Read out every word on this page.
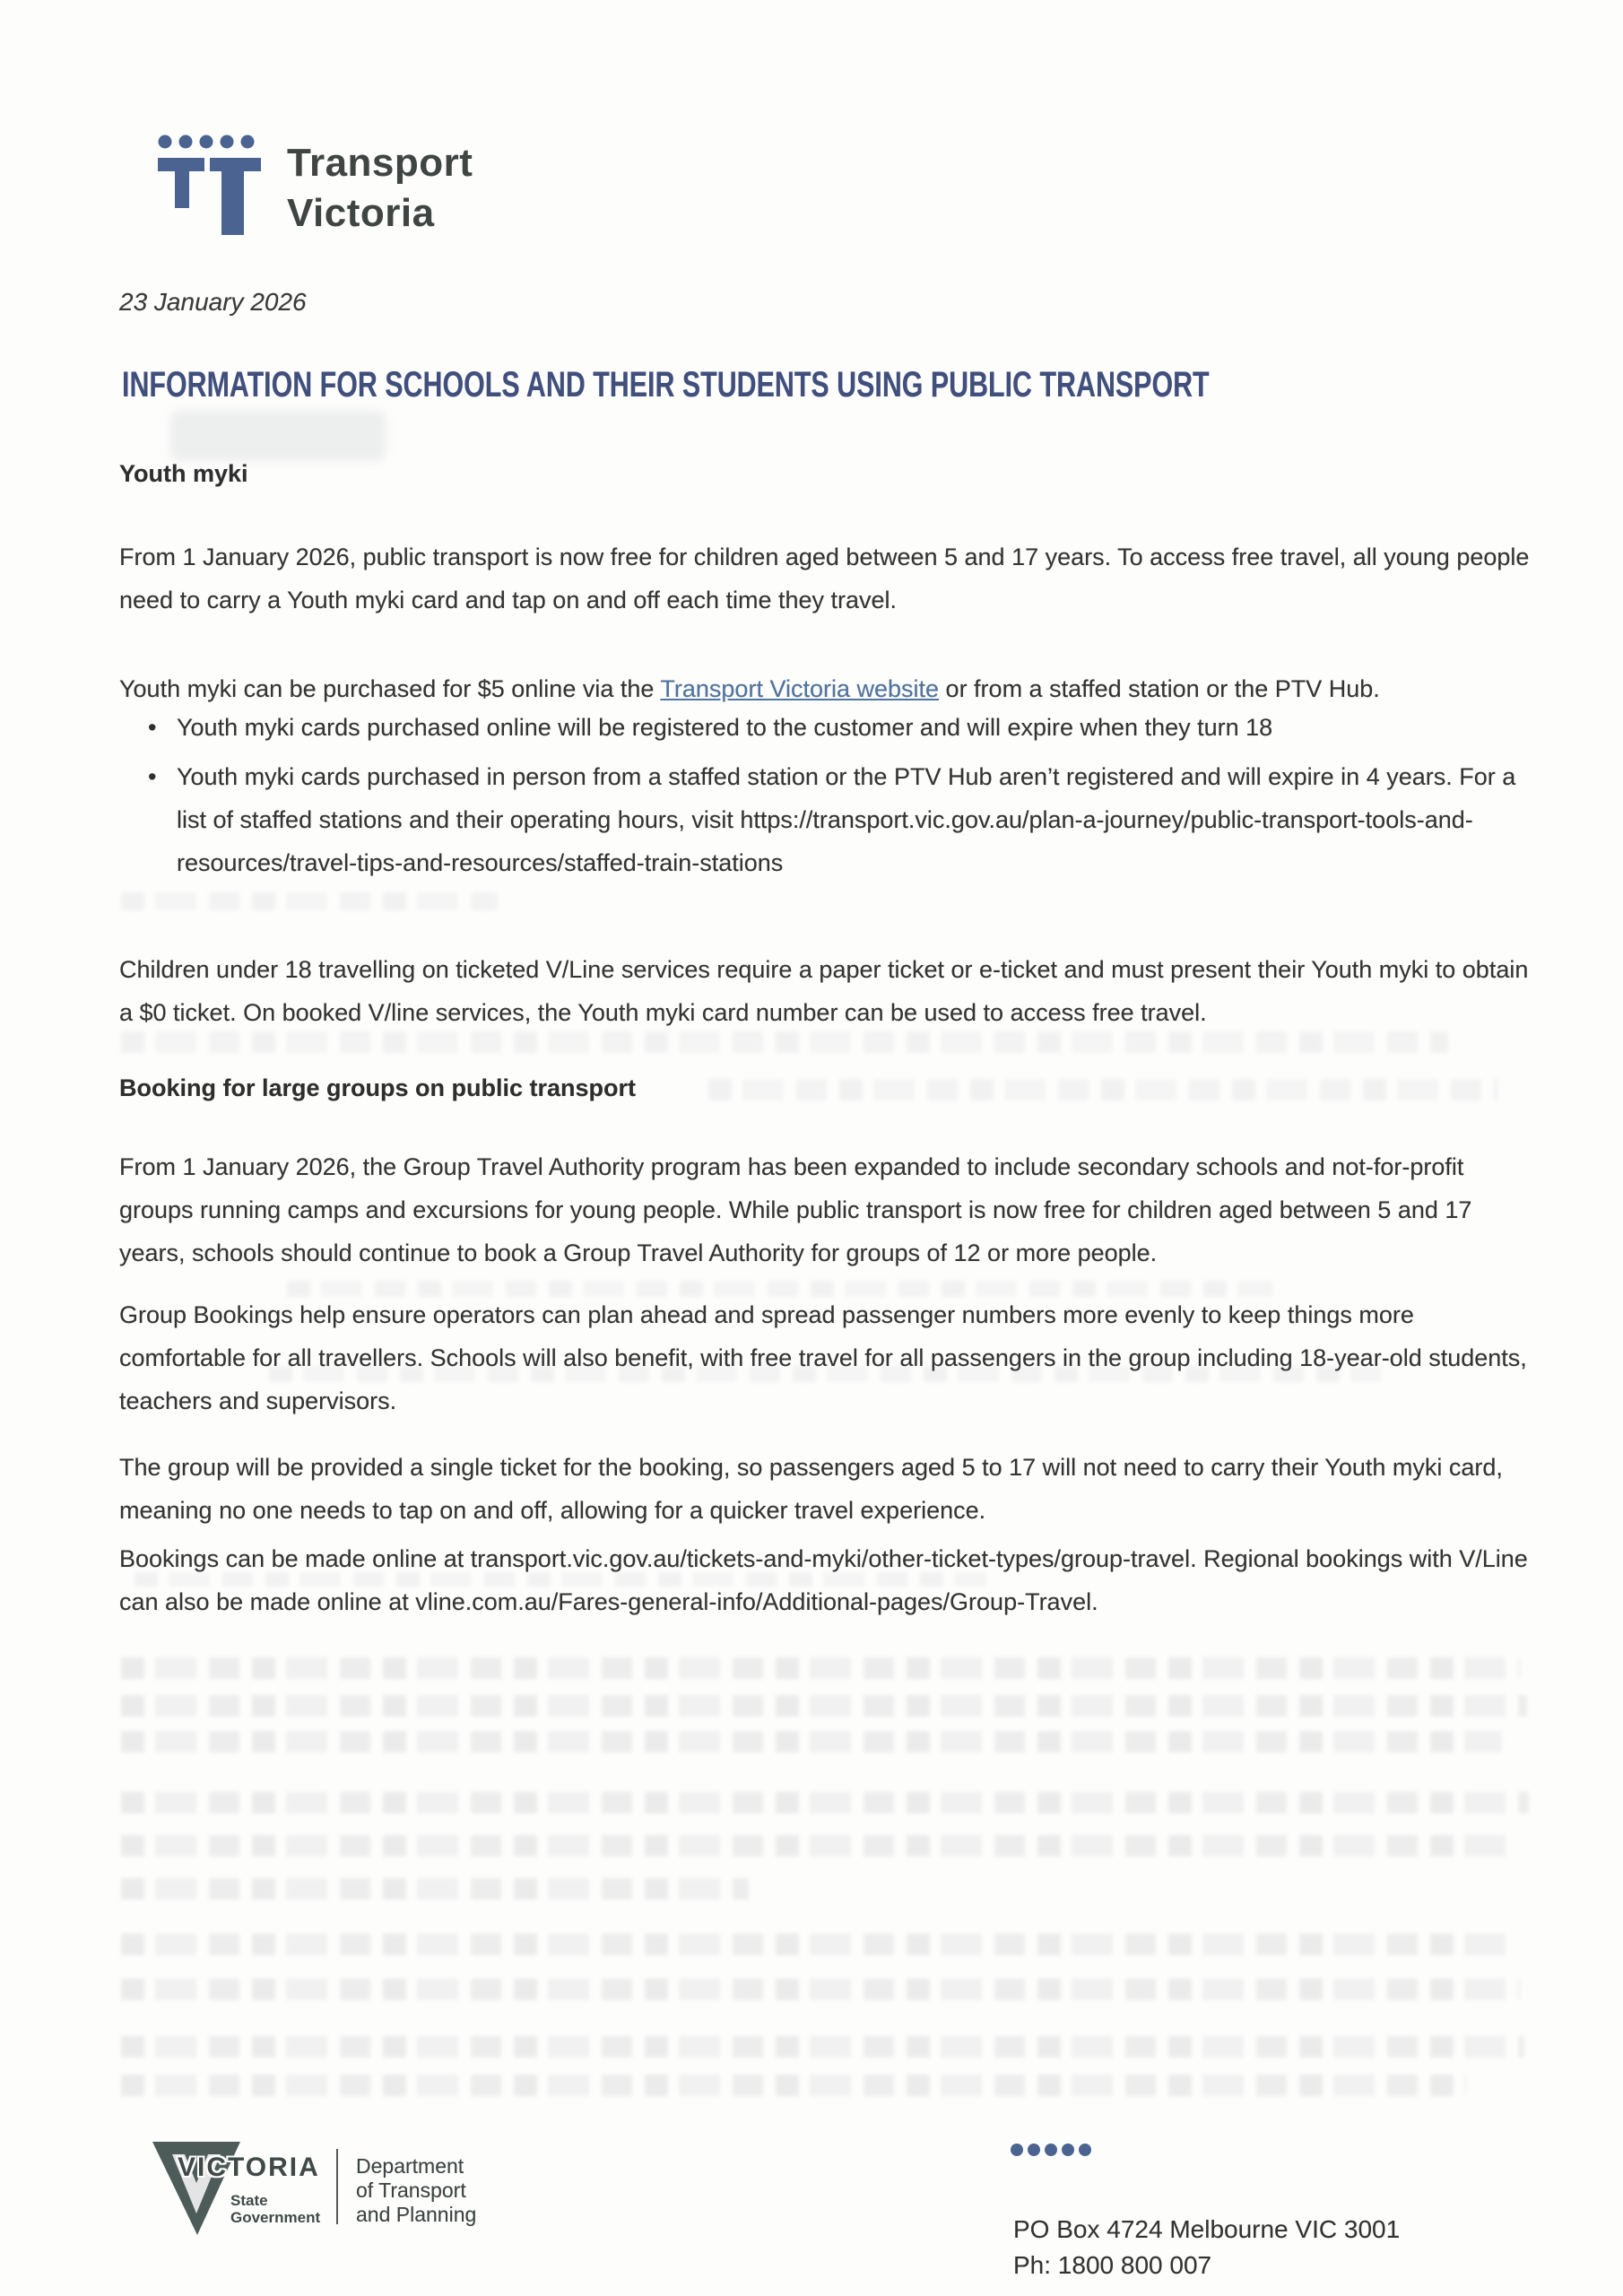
Transport
Victoria
23 January 2026
INFORMATION FOR SCHOOLS AND THEIR STUDENTS USING PUBLIC TRANSPORT
Youth myki
From 1 January 2026, public transport is now free for children aged between 5 and 17 years. To access free travel, all young people need to carry a Youth myki card and tap on and off each time they travel.
Youth myki can be purchased for $5 online via the Transport Victoria website or from a staffed station or the PTV Hub.
• Youth myki cards purchased online will be registered to the customer and will expire when they turn 18
• Youth myki cards purchased in person from a staffed station or the PTV Hub aren’t registered and will expire in 4 years. For a list of staffed stations and their operating hours, visit https://transport.vic.gov.au/plan-a-journey/public-transport-tools-and-resources/travel-tips-and-resources/staffed-train-stations
Children under 18 travelling on ticketed V/Line services require a paper ticket or e-ticket and must present their Youth myki to obtain a $0 ticket. On booked V/line services, the Youth myki card number can be used to access free travel.
Booking for large groups on public transport
From 1 January 2026, the Group Travel Authority program has been expanded to include secondary schools and not-for-profit groups running camps and excursions for young people. While public transport is now free for children aged between 5 and 17 years, schools should continue to book a Group Travel Authority for groups of 12 or more people.
Group Bookings help ensure operators can plan ahead and spread passenger numbers more evenly to keep things more comfortable for all travellers. Schools will also benefit, with free travel for all passengers in the group including 18-year-old students, teachers and supervisors.
The group will be provided a single ticket for the booking, so passengers aged 5 to 17 will not need to carry their Youth myki card, meaning no one needs to tap on and off, allowing for a quicker travel experience.
Bookings can be made online at transport.vic.gov.au/tickets-and-myki/other-ticket-types/group-travel. Regional bookings with V/Line can also be made online at vline.com.au/Fares-general-info/Additional-pages/Group-Travel.
VICTORIA
State
Government
Department
of Transport
and Planning
PO Box 4724 Melbourne VIC 3001
Ph: 1800 800 007
